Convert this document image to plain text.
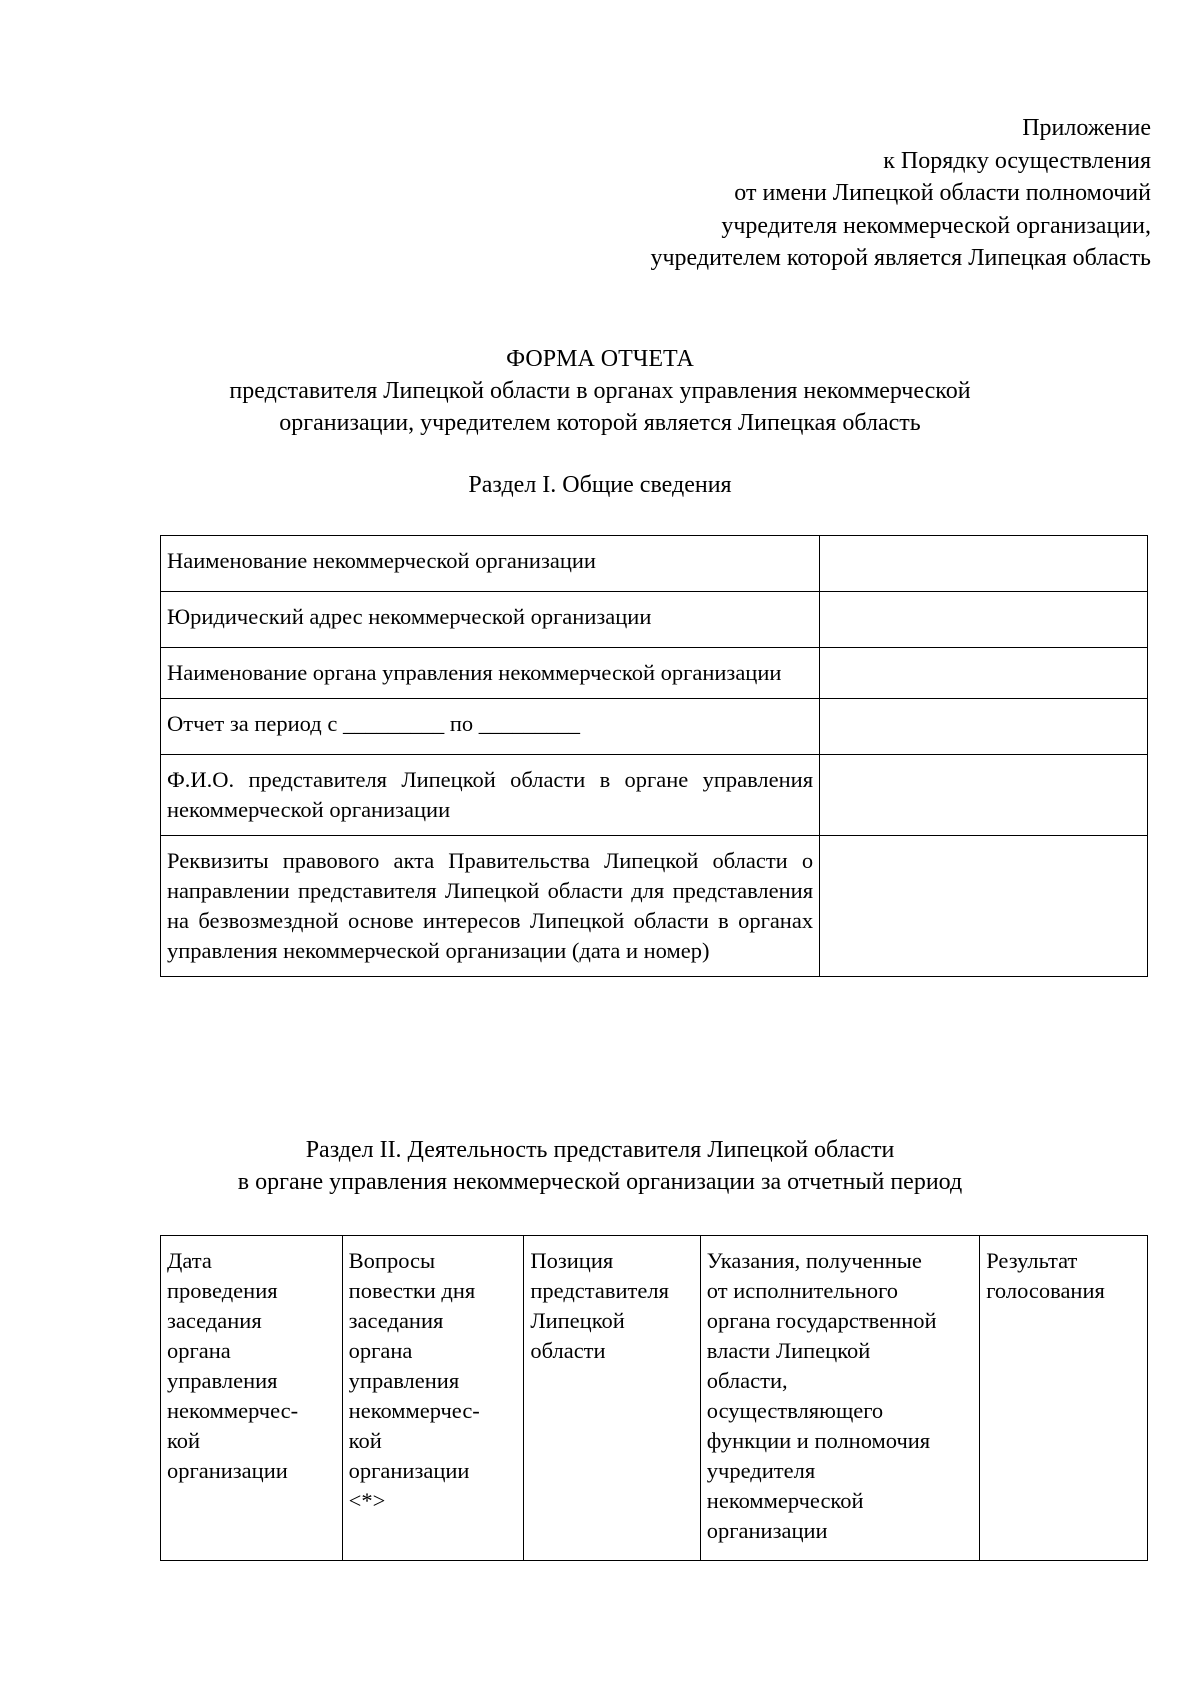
Приложение
к Порядку осуществления
от имени Липецкой области полномочий
учредителя некоммерческой организации,
учредителем которой является Липецкая область
ФОРМА ОТЧЕТА
представителя Липецкой области в органах управления некоммерческой
организации, учредителем которой является Липецкая область
Раздел I. Общие сведения
Наименование некоммерческой организации	
Юридический адрес некоммерческой организации	
Наименование органа управления некоммерческой организации	
Отчет за период с _________ по _________	
Ф.И.О. представителя Липецкой области в органе управления некоммерческой организации	
Реквизиты правового акта Правительства Липецкой области о направлении представителя Липецкой области для представления на безвозмездной основе интересов Липецкой области в органах управления некоммерческой организации (дата и номер)	
Раздел II. Деятельность представителя Липецкой области
в органе управления некоммерческой организации за отчетный период
Дата
проведения
заседания
органа
управления
некоммерчес-
кой
организации

Вопросы
повестки дня
заседания
органа
управления
некоммерчес-
кой
организации
<*>

Позиция
представителя
Липецкой
области

Указания, полученные
от исполнительного
органа государственной
власти Липецкой
области,
осуществляющего
функции и полномочия
учредителя
некоммерческой
организации

Результат
голосования
